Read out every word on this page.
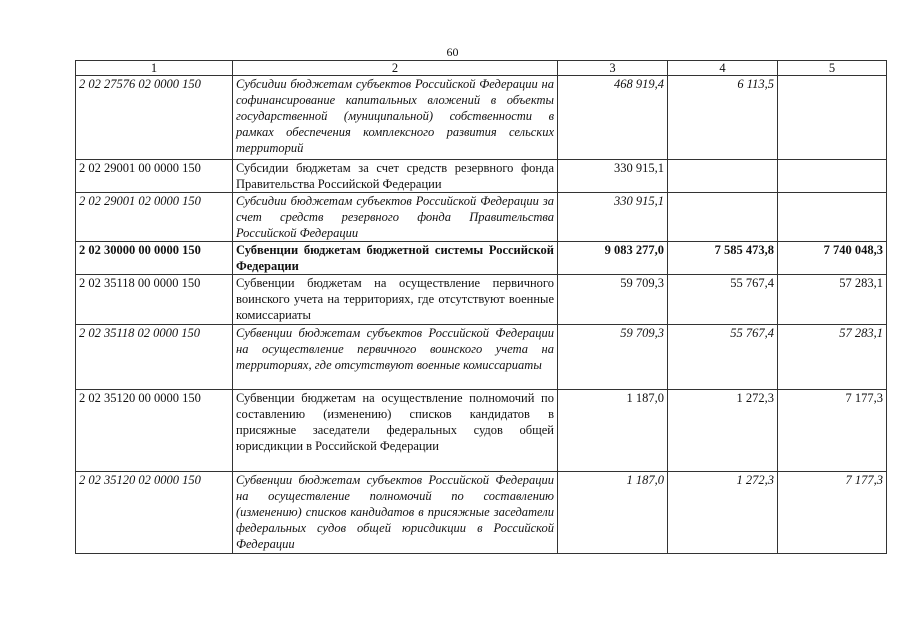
60
1	2	3	4	5
2 02 27576 02 0000 150	Субсидии бюджетам субъектов Российской Федерации на софинансирование капитальных вложений в объекты государственной (муниципальной) собственности в рамках обеспечения комплексного развития сельских территорий	468 919,4	6 113,5	
2 02 29001 00 0000 150	Субсидии бюджетам за счет средств резервного фонда Правительства Российской Федерации	330 915,1		
2 02 29001 02 0000 150	Субсидии бюджетам субъектов Российской Федерации за счет средств резервного фонда Правительства Российской Федерации	330 915,1		
2 02 30000 00 0000 150	Субвенции бюджетам бюджетной системы Российской Федерации	9 083 277,0	7 585 473,8	7 740 048,3
2 02 35118 00 0000 150	Субвенции бюджетам на осуществление первичного воинского учета на территориях, где отсутствуют военные комиссариаты	59 709,3	55 767,4	57 283,1
2 02 35118 02 0000 150	Субвенции бюджетам субъектов Российской Федерации на осуществление первичного воинского учета на территориях, где отсутствуют военные комиссариаты	59 709,3	55 767,4	57 283,1
2 02 35120 00 0000 150	Субвенции бюджетам на осуществление полномочий по составлению (изменению) списков кандидатов в присяжные заседатели федеральных судов общей юрисдикции в Российской Федерации	1 187,0	1 272,3	7 177,3
2 02 35120 02 0000 150	Субвенции бюджетам субъектов Российской Федерации на осуществление полномочий по составлению (изменению) списков кандидатов в присяжные заседатели федеральных судов общей юрисдикции в Российской Федерации	1 187,0	1 272,3	7 177,3
